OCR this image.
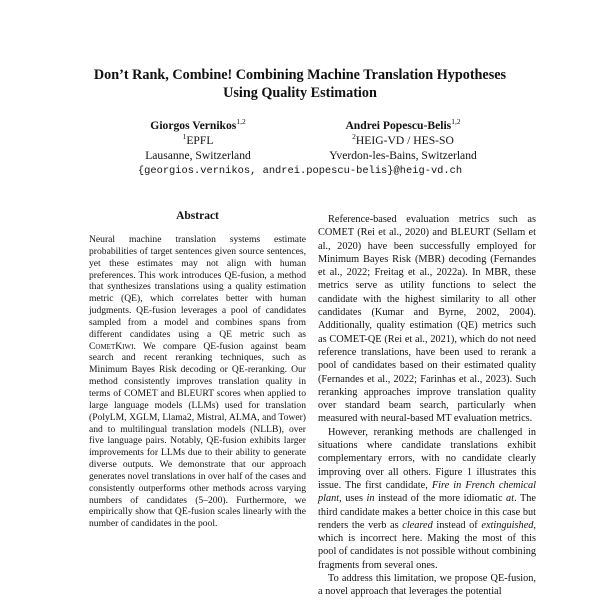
Don’t Rank, Combine! Combining Machine Translation Hypotheses
Using Quality Estimation
Giorgos Vernikos$^{1,2}$
$^1$EPFL
Lausanne, Switzerland
Andrei Popescu-Belis$^{1,2}$
$^2$HEIG-VD / HES-SO
Yverdon-les-Bains, Switzerland
{georgios.vernikos, andrei.popescu-belis}@heig-vd.ch
Abstract

Neural machine translation systems estimate probabilities of target sentences given source sentences, yet these estimates may not align with human preferences. This work introduces QE-fusion, a method that synthesizes translations using a quality estimation metric (QE), which correlates better with human judgments. QE-fusion leverages a pool of candidates sampled from a model and combines spans from different candidates using a QE metric such as CometKiwi. We compare QE-fusion against beam search and recent reranking techniques, such as Minimum Bayes Risk decoding or QE-reranking. Our method consistently improves translation quality in terms of COMET and BLEURT scores when applied to large language models (LLMs) used for translation (PolyLM, XGLM, Llama2, Mistral, ALMA, and Tower) and to multilingual translation models (NLLB), over five language pairs. Notably, QE-fusion exhibits larger improvements for LLMs due to their ability to generate diverse outputs. We demonstrate that our approach generates novel translations in over half of the cases and consistently outperforms other methods across varying numbers of candidates (5–200). Furthermore, we empirically show that QE-fusion scales linearly with the number of candidates in the pool.

Reference-based evaluation metrics such as COMET (Rei et al., 2020) and BLEURT (Sellam et al., 2020) have been successfully employed for Minimum Bayes Risk (MBR) decoding (Fernandes et al., 2022; Freitag et al., 2022a). In MBR, these metrics serve as utility functions to select the candidate with the highest similarity to all other candidates (Kumar and Byrne, 2002, 2004). Additionally, quality estimation (QE) metrics such as COMET-QE (Rei et al., 2021), which do not need reference translations, have been used to rerank a pool of candidates based on their estimated quality (Fernandes et al., 2022; Farinhas et al., 2023). Such reranking approaches improve translation quality over standard beam search, particularly when measured with neural-based MT evaluation metrics.

However, reranking methods are challenged in situations where candidate translations exhibit complementary errors, with no candidate clearly improving over all others. Figure 1 illustrates this issue. The first candidate, Fire in French chemical plant, uses in instead of the more idiomatic at. The third candidate makes a better choice in this case but renders the verb as cleared instead of extinguished, which is incorrect here. Making the most of this pool of candidates is not possible without combining fragments from several ones.

To address this limitation, we propose QE-fusion, a novel approach that leverages the potential
